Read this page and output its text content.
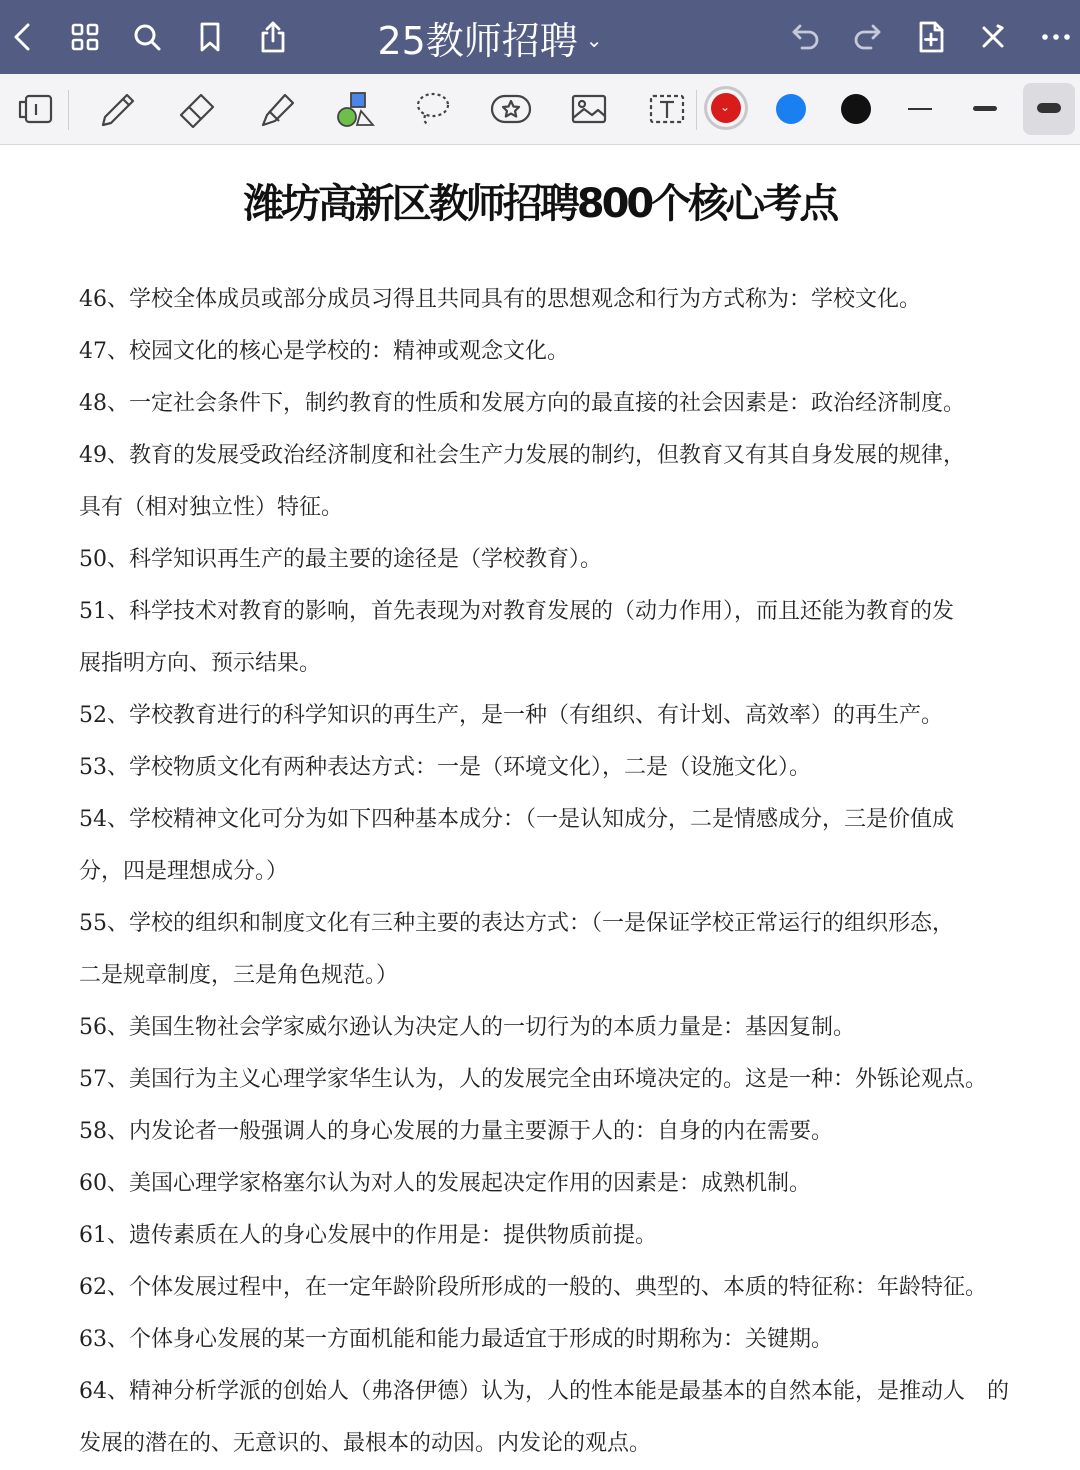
25教师招聘 ⌄
⌄
潍坊高新区教师招聘800个核心考点
46、学校全体成员或部分成员习得且共同具有的思想观念和行为方式称为：学校文化。
47、校园文化的核心是学校的：精神或观念文化。
48、一定社会条件下，制约教育的性质和发展方向的最直接的社会因素是：政治经济制度。
49、教育的发展受政治经济制度和社会生产力发展的制约，但教育又有其自身发展的规律，
具有（相对独立性）特征。
50、科学知识再生产的最主要的途径是（学校教育）。
51、科学技术对教育的影响，首先表现为对教育发展的（动力作用），而且还能为教育的发
展指明方向、预示结果。
52、学校教育进行的科学知识的再生产，是一种（有组织、有计划、高效率）的再生产。
53、学校物质文化有两种表达方式：一是（环境文化），二是（设施文化）。
54、学校精神文化可分为如下四种基本成分：（一是认知成分，二是情感成分，三是价值成
分，四是理想成分。）
55、学校的组织和制度文化有三种主要的表达方式：（一是保证学校正常运行的组织形态，
二是规章制度，三是角色规范。）
56、美国生物社会学家威尔逊认为决定人的一切行为的本质力量是：基因复制。
57、美国行为主义心理学家华生认为，人的发展完全由环境决定的。这是一种：外铄论观点。
58、内发论者一般强调人的身心发展的力量主要源于人的：自身的内在需要。
60、美国心理学家格塞尔认为对人的发展起决定作用的因素是：成熟机制。
61、遗传素质在人的身心发展中的作用是：提供物质前提。
62、个体发展过程中，在一定年龄阶段所形成的一般的、典型的、本质的特征称：年龄特征。
63、个体身心发展的某一方面机能和能力最适宜于形成的时期称为：关键期。
64、精神分析学派的创始人（弗洛伊德）认为，人的性本能是最基本的自然本能，是推动人　的
发展的潜在的、无意识的、最根本的动因。内发论的观点。
